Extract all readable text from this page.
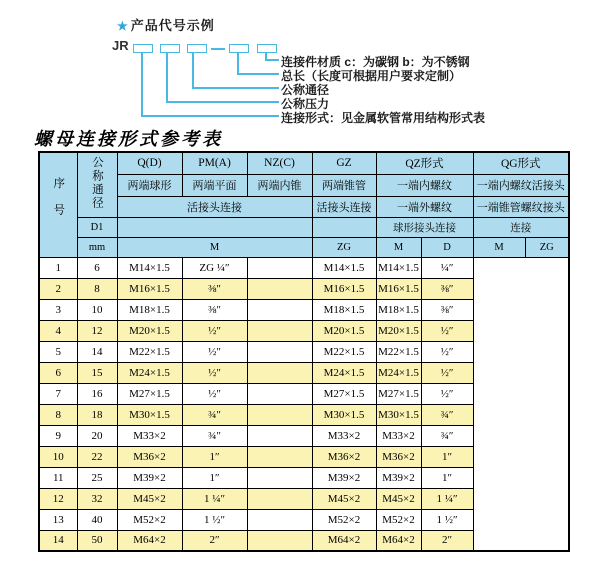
★ 产品代号示例
JR
连接件材质 c：为碳钢 b：为不锈钢
总长（长度可根据用户要求定制）
公称通径
公称压力
连接形式：见金属软管常用结构形式表
螺母连接形式参考表
序号	公称通径	Q(D)	PM(A)	NZ(C)	GZ	QZ形式		QG形式	
		两端球形	两端平面	两端内锥	两端锥管	一端内螺纹		一端内螺纹活接头	
		活接头连接			活接头连接	一端外螺纹		一端锥管螺纹接头	
	D1					球形接头连接		连接	
	mm	M			ZG	M	D	M	ZG
1	6	M14×1.5	ZG ¼″		M14×1.5	M14×1.5	¼″		
2	8	M16×1.5	⅜″		M16×1.5	M16×1.5	⅜″		
3	10	M18×1.5	⅜″		M18×1.5	M18×1.5	⅜″		
4	12	M20×1.5	½″		M20×1.5	M20×1.5	½″		
5	14	M22×1.5	½″		M22×1.5	M22×1.5	½″		
6	15	M24×1.5	½″		M24×1.5	M24×1.5	½″		
7	16	M27×1.5	½″		M27×1.5	M27×1.5	½″		
8	18	M30×1.5	¾″		M30×1.5	M30×1.5	¾″		
9	20	M33×2	¾″		M33×2	M33×2	¾″		
10	22	M36×2	1″		M36×2	M36×2	1″		
11	25	M39×2	1″		M39×2	M39×2	1″		
12	32	M45×2	1 ¼″		M45×2	M45×2	1 ¼″		
13	40	M52×2	1 ½″		M52×2	M52×2	1 ½″		
14	50	M64×2	2″		M64×2	M64×2	2″		
